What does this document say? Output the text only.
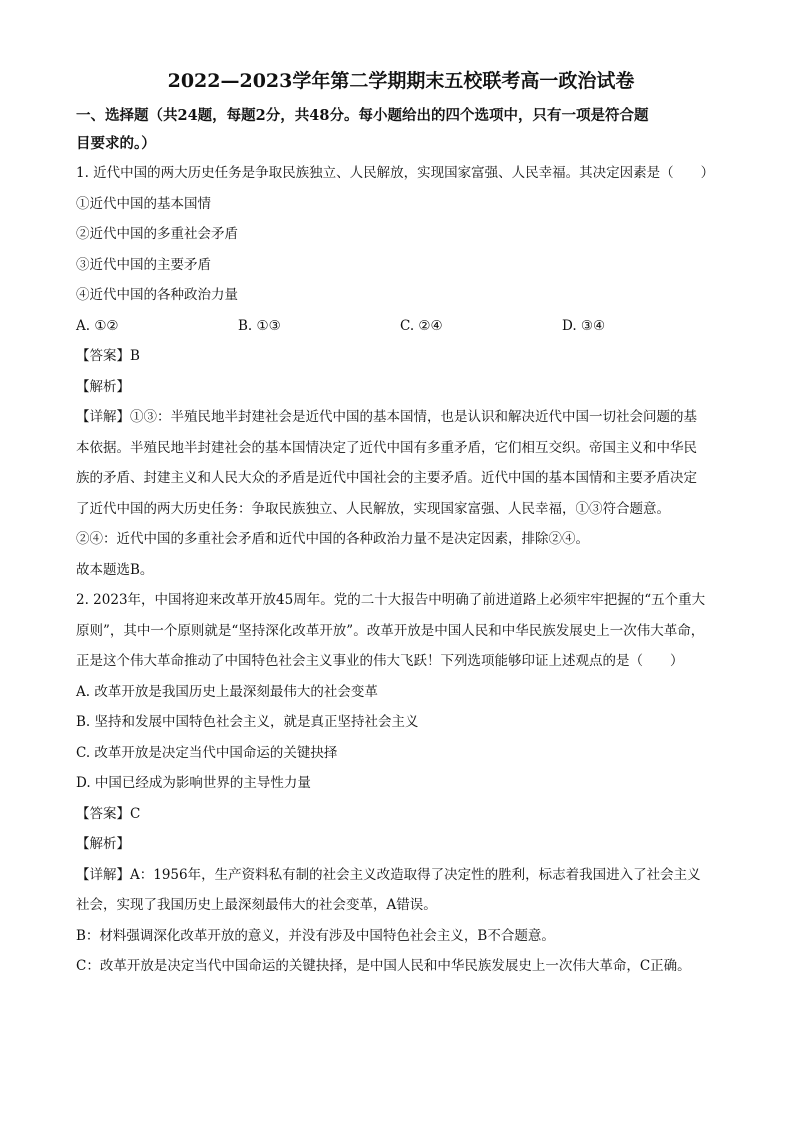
2022—2023学年第二学期期末五校联考高一政治试卷
一、选择题（共24题，每题2分，共48分。每小题给出的四个选项中，只有一项是符合题
目要求的。）
1. 近代中国的两大历史任务是争取民族独立、人民解放，实现国家富强、人民幸福。其决定因素是（　　）
①近代中国的基本国情
②近代中国的多重社会矛盾
③近代中国的主要矛盾
④近代中国的各种政治力量
A. ①②	B. ①③	C. ②④	D. ③④
【答案】B
【解析】
【详解】①③：半殖民地半封建社会是近代中国的基本国情，也是认识和解决近代中国一切社会问题的基
本依据。半殖民地半封建社会的基本国情决定了近代中国有多重矛盾，它们相互交织。帝国主义和中华民
族的矛盾、封建主义和人民大众的矛盾是近代中国社会的主要矛盾。近代中国的基本国情和主要矛盾决定
了近代中国的两大历史任务：争取民族独立、人民解放，实现国家富强、人民幸福，①③符合题意。
②④：近代中国的多重社会矛盾和近代中国的各种政治力量不是决定因素，排除②④。
故本题选B。
2. 2023年，中国将迎来改革开放45周年。党的二十大报告中明确了前进道路上必须牢牢把握的“五个重大
原则”，其中一个原则就是“坚持深化改革开放”。改革开放是中国人民和中华民族发展史上一次伟大革命，
正是这个伟大革命推动了中国特色社会主义事业的伟大飞跃！下列选项能够印证上述观点的是（　　）
A. 改革开放是我国历史上最深刻最伟大的社会变革
B. 坚持和发展中国特色社会主义，就是真正坚持社会主义
C. 改革开放是决定当代中国命运的关键抉择
D. 中国已经成为影响世界的主导性力量
【答案】C
【解析】
【详解】A：1956年，生产资料私有制的社会主义改造取得了决定性的胜利，标志着我国进入了社会主义
社会，实现了我国历史上最深刻最伟大的社会变革，A错误。
B：材料强调深化改革开放的意义，并没有涉及中国特色社会主义，B不合题意。
C：改革开放是决定当代中国命运的关键抉择，是中国人民和中华民族发展史上一次伟大革命，C正确。
